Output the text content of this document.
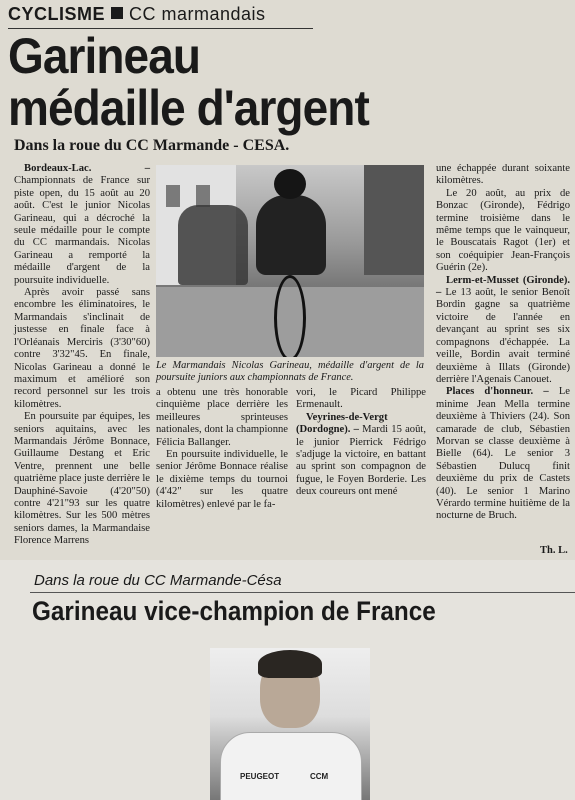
CYCLISME CC marmandais
Garineau
médaille d'argent
Dans la roue du CC Marmande - CESA.

Bordeaux-Lac. – Championnats de France sur piste open, du 15 août au 20 août. C'est le junior Nicolas Garineau, qui a décroché la seule médaille pour le compte du CC marmandais. Nicolas Garineau a remporté la médaille d'argent de la poursuite individuelle.

Après avoir passé sans encombre les éliminatoires, le Marmandais s'inclinait de justesse en finale face à l'Orléanais Merciris (3'30"60) contre 3'32"45. En finale, Nicolas Garineau a donné le maximum et amélioré son record personnel sur les trois kilomètres.

En poursuite par équipes, les seniors aquitains, avec les Marmandais Jérôme Bonnace, Guillaume Destang et Eric Ventre, prennent une belle quatrième place juste derrière le Dauphiné-Savoie (4'20"50) contre 4'21"93 sur les quatre kilomètres. Sur les 500 mètres seniors dames, la Marmandaise Florence Marrens

Le Marmandais Nicolas Garineau, médaille d'argent de la poursuite juniors aux championnats de France.

a obtenu une très honorable cinquième place derrière les meilleures sprinteuses nationales, dont la championne Félicia Ballanger.

En poursuite individuelle, le senior Jérôme Bonnace réalise le dixième temps du tournoi (4'42" sur les quatre kilomètres) enlevé par le fa-

vori, le Picard Philippe Ermenault.

Veyrines-de-Vergt (Dordogne). – Mardi 15 août, le junior Pierrick Fédrigo s'adjuge la victoire, en battant au sprint son compagnon de fugue, le Foyen Borderie. Les deux coureurs ont mené

une échappée durant soixante kilomètres.

Le 20 août, au prix de Bonzac (Gironde), Fédrigo termine troisième dans le même temps que le vainqueur, le Bouscatais Ragot (1er) et son coéquipier Jean-François Guérin (2e).

Lerm-et-Musset (Gironde). – Le 13 août, le senior Benoît Bordin gagne sa quatrième victoire de l'année en devançant au sprint ses six compagnons d'échappée. La veille, Bordin avait terminé deuxième à Illats (Gironde) derrière l'Agenais Canouet.

Places d'honneur. – Le minime Jean Mella termine deuxième à Thiviers (24). Son camarade de club, Sébastien Morvan se classe deuxième à Bielle (64). Le senior 3 Sébastien Dulucq finit deuxième du prix de Castets (40). Le senior 1 Marino Vérardo termine huitième de la nocturne de Bruch.

Th. L.
Dans la roue du CC Marmande-Césa
Garineau vice-champion de France
PEUGEOT	CCM
